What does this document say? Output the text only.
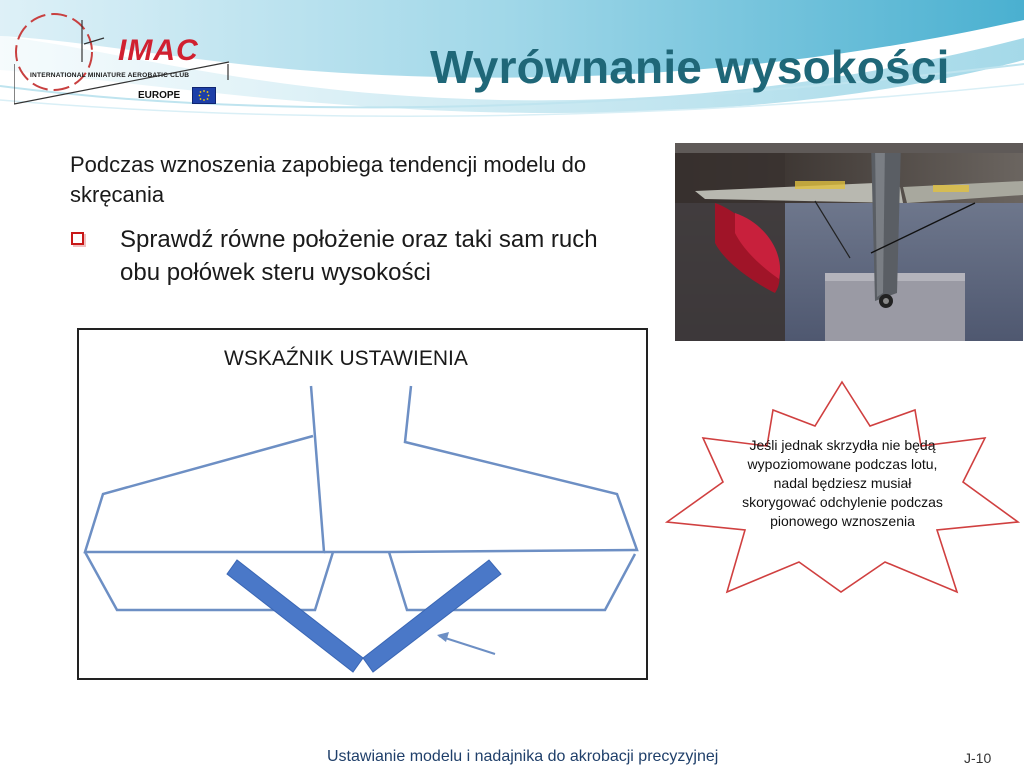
IMAC
INTERNATIONAL MINIATURE AEROBATIC CLUB
EUROPE
Wyrównanie wysokości
Podczas wznoszenia zapobiega tendencji modelu do skręcania
Sprawdź równe położenie oraz taki sam ruch obu połówek steru wysokości
WSKAŹNIK USTAWIENIA
Jeśli jednak skrzydła nie będą wypoziomowane podczas lotu, nadal będziesz musiał skorygować odchylenie podczas pionowego wznoszenia
Ustawianie modelu i nadajnika do akrobacji precyzyjnej	J-10
